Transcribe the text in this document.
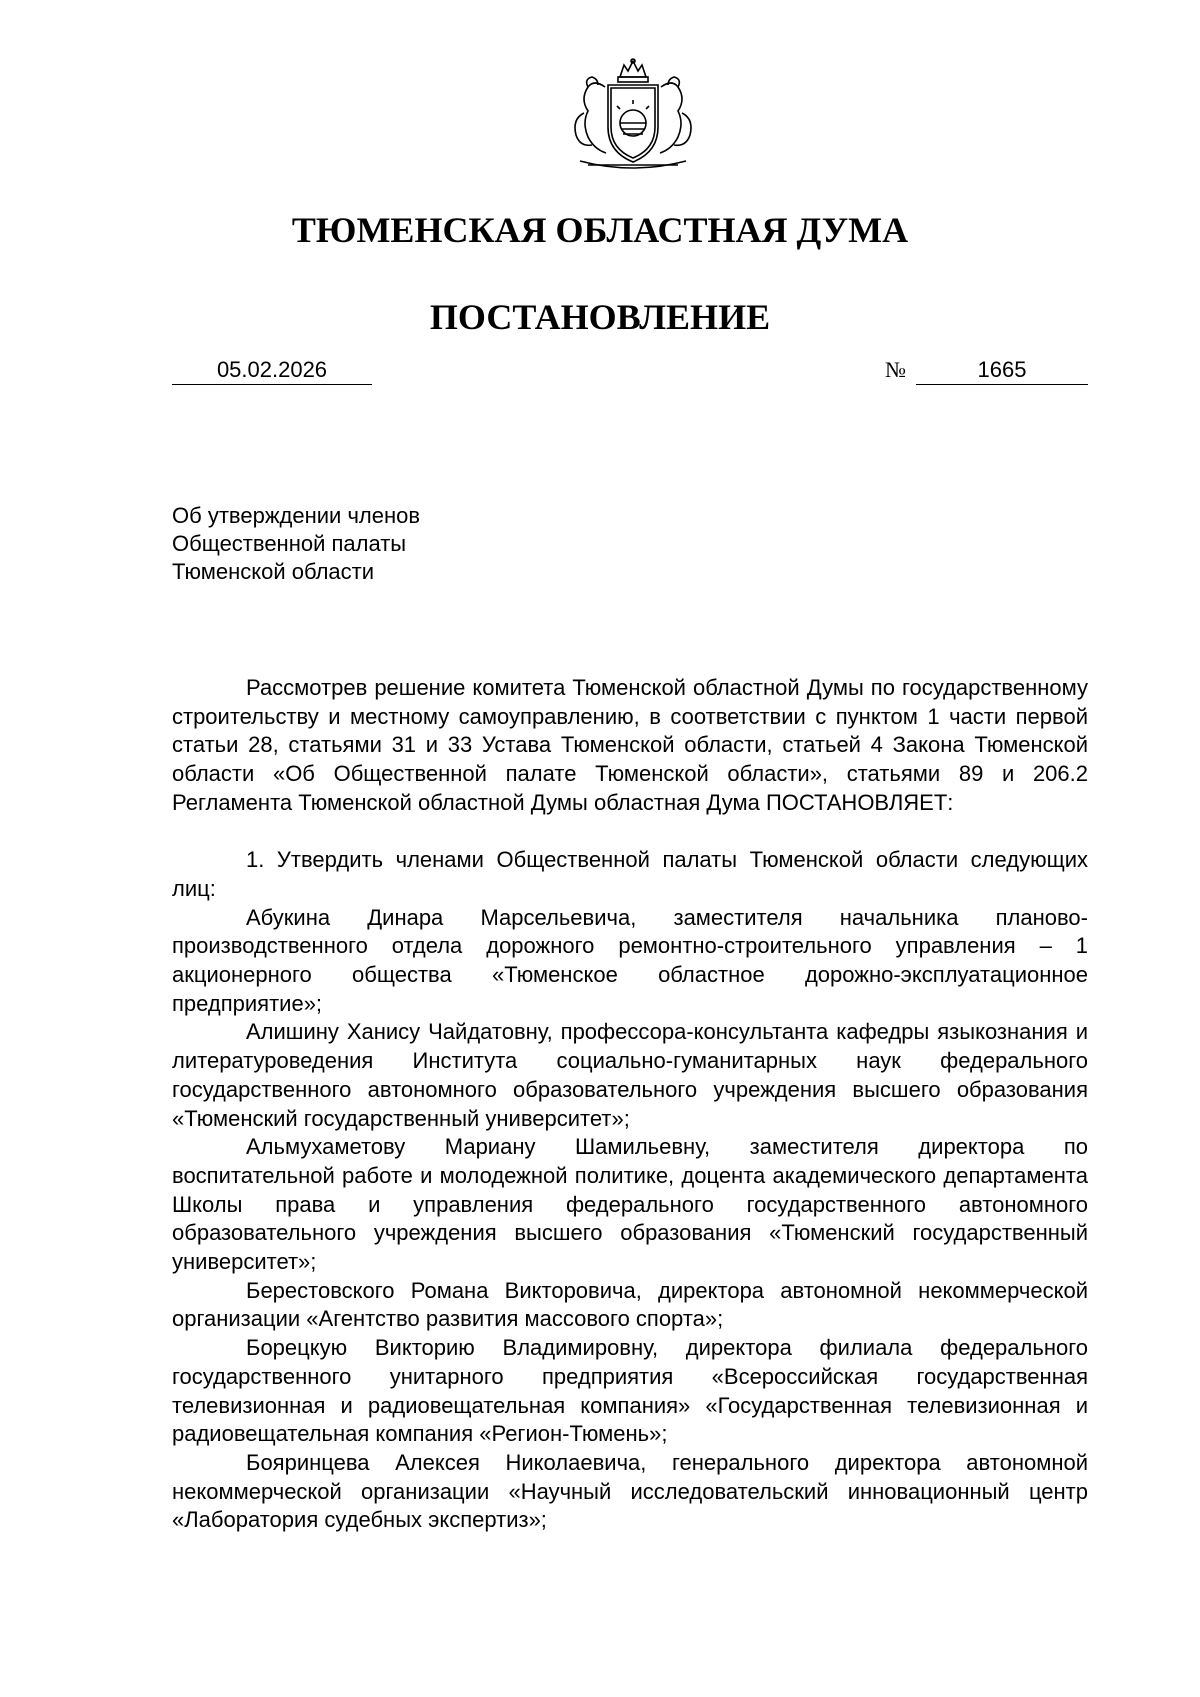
ТЮМЕНСКАЯ ОБЛАСТНАЯ ДУМА
ПОСТАНОВЛЕНИЕ
05.02.2026	№	1665
Об утверждении членов
Общественной палаты
Тюменской области

Рассмотрев решение комитета Тюменской областной Думы по государственному строительству и местному самоуправлению, в соответствии с пунктом 1 части первой статьи 28, статьями 31 и 33 Устава Тюменской области, статьей 4 Закона Тюменской области «Об Общественной палате Тюменской области», статьями 89 и 206.2 Регламента Тюменской областной Думы областная Дума ПОСТАНОВЛЯЕТ:

1. Утвердить членами Общественной палаты Тюменской области следующих лиц:

Абукина Динара Марсельевича, заместителя начальника планово-производственного отдела дорожного ремонтно-строительного управления – 1 акционерного общества «Тюменское областное дорожно-эксплуатационное предприятие»;

Алишину Ханису Чайдатовну, профессора-консультанта кафедры языкознания и литературоведения Института социально-гуманитарных наук федерального государственного автономного образовательного учреждения высшего образования «Тюменский государственный университет»;

Альмухаметову Мариану Шамильевну, заместителя директора по воспитательной работе и молодежной политике, доцента академического департамента Школы права и управления федерального государственного автономного образовательного учреждения высшего образования «Тюменский государственный университет»;

Берестовского Романа Викторовича, директора автономной некоммерческой организации «Агентство развития массового спорта»;

Борецкую Викторию Владимировну, директора филиала федерального государственного унитарного предприятия «Всероссийская государственная телевизионная и радиовещательная компания» «Государственная телевизионная и радиовещательная компания «Регион-Тюмень»;

Бояринцева Алексея Николаевича, генерального директора автономной некоммерческой организации «Научный исследовательский инновационный центр «Лаборатория судебных экспертиз»;
